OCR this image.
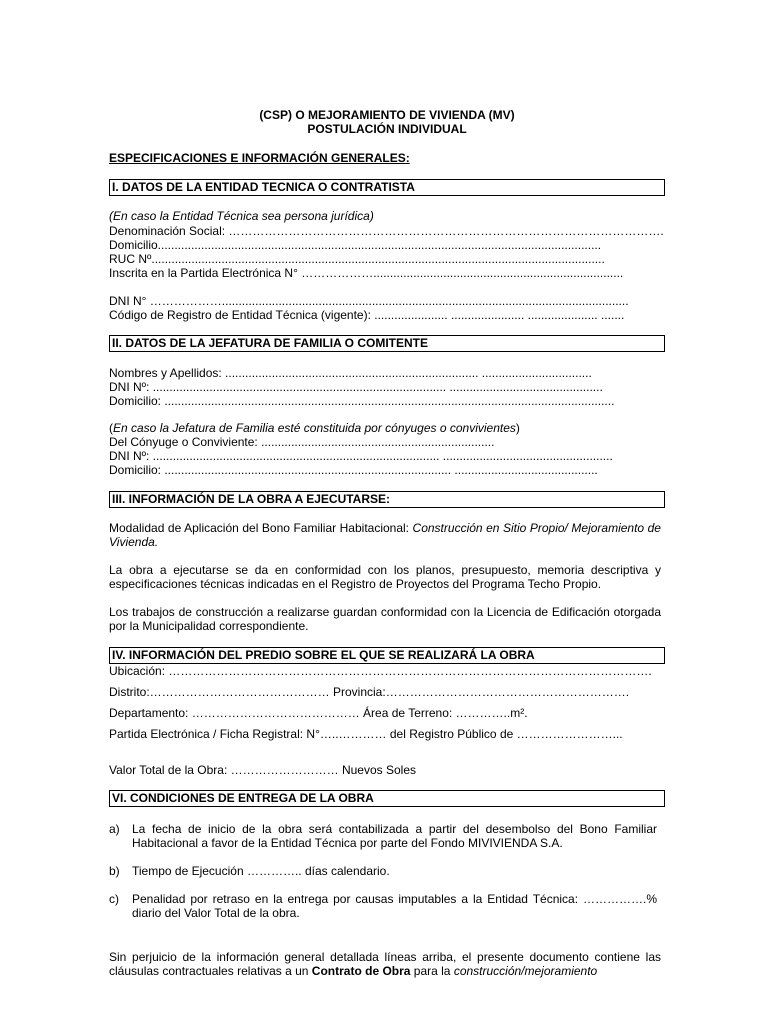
(CSP) O MEJORAMIENTO DE VIVIENDA (MV)
POSTULACIÓN INDIVIDUAL
ESPECIFICACIONES E INFORMACIÓN GENERALES:
I. DATOS DE LA ENTIDAD TECNICA O CONTRATISTA
(En caso la Entidad Técnica sea persona jurídica)
Denominación Social: ……………………………………………………………………………………………….
Domicilio.....................................................................................................................................
RUC Nº........................................................................................................................................
Inscrita en la Partida Electrónica N° ………………...........................................................................
DNI N° ………………..........................................................................................................................
Código de Registro de Entidad Técnica (vigente): ...................... ...................... ..................... .......
II. DATOS DE LA JEFATURA DE FAMILIA O COMITENTE
Nombres y Apellidos: ............................................................................ .................................
DNI Nº: ........................................................................................ ..............................................
Domicilio: .......................................................................................................................................
(En caso la Jefatura de Familia esté constituida por cónyuges o convivientes)
Del Cónyuge o Conviviente: ......................................................................
DNI Nº: ...................................................................................... ...................................................
Domicilio: ...................................................................................... ...........................................
III. INFORMACIÓN DE LA OBRA A EJECUTARSE:
Modalidad de Aplicación del Bono Familiar Habitacional: Construcción en Sitio Propio/ Mejoramiento de Vivienda.
La obra a ejecutarse se da en conformidad con los planos, presupuesto, memoria descriptiva y especificaciones técnicas indicadas en el Registro de Proyectos del Programa Techo Propio.
Los trabajos de construcción a realizarse guardan conformidad con la Licencia de Edificación otorgada por la Municipalidad correspondiente.
IV. INFORMACIÓN DEL PREDIO SOBRE EL QUE SE REALIZARÁ LA OBRA
Ubicación: ………………………………………………………………………………………………………….
Distrito:……………………………………… Provincia:…………………………………………………….
Departamento: …………………………………… Área de Terreno: …………..m².
Partida Electrónica / Ficha Registral: N°…..………… del Registro Público de ……………………...
Valor Total de la Obra: ……………………… Nuevos Soles
VI. CONDICIONES DE ENTREGA DE LA OBRA
a) La fecha de inicio de la obra será contabilizada a partir del desembolso del Bono Familiar Habitacional a favor de la Entidad Técnica por parte del Fondo MIVIVIENDA S.A.
b) Tiempo de Ejecución ………….. días calendario.
c) Penalidad por retraso en la entrega por causas imputables a la Entidad Técnica: …………….% diario del Valor Total de la obra.
Sin perjuicio de la información general detallada líneas arriba, el presente documento contiene las cláusulas contractuales relativas a un Contrato de Obra para la construcción/mejoramiento
